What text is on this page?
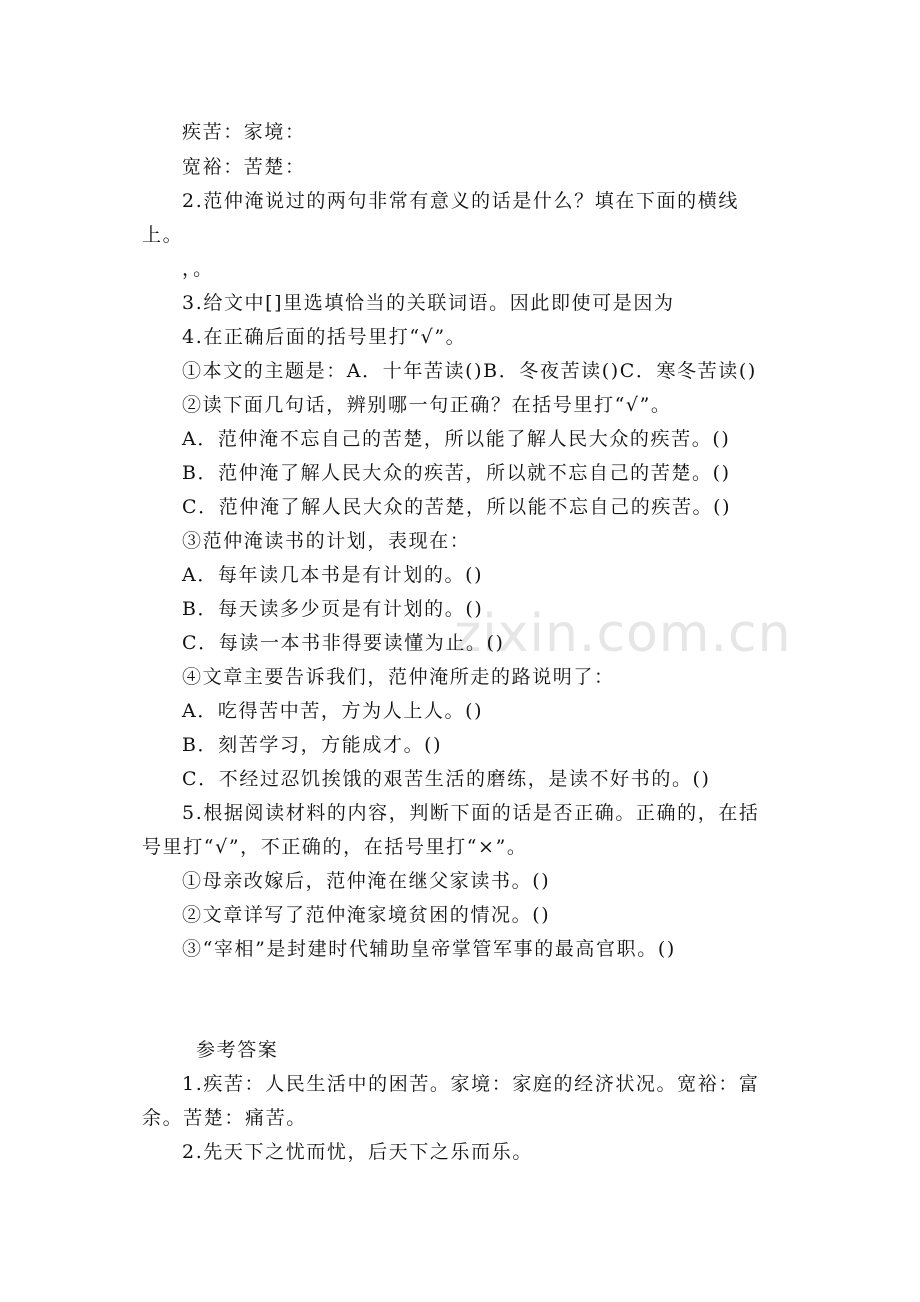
zixin.com.cn
疾苦：家境：
宽裕：苦楚：
2.范仲淹说过的两句非常有意义的话是什么？填在下面的横线
上。
，。
3.给文中[]里选填恰当的关联词语。因此即使可是因为
4.在正确后面的括号里打“√”。
①本文的主题是：A．十年苦读()B．冬夜苦读()C．寒冬苦读()
②读下面几句话，辨别哪一句正确？在括号里打“√”。
A．范仲淹不忘自己的苦楚，所以能了解人民大众的疾苦。()
B．范仲淹了解人民大众的疾苦，所以就不忘自己的苦楚。()
C．范仲淹了解人民大众的苦楚，所以能不忘自己的疾苦。()
③范仲淹读书的计划，表现在：
A．每年读几本书是有计划的。()
B．每天读多少页是有计划的。()
C．每读一本书非得要读懂为止。()
④文章主要告诉我们，范仲淹所走的路说明了：
A．吃得苦中苦，方为人上人。()
B．刻苦学习，方能成才。()
C．不经过忍饥挨饿的艰苦生活的磨练，是读不好书的。()
5.根据阅读材料的内容，判断下面的话是否正确。正确的，在括
号里打“√”，不正确的，在括号里打“×”。
①母亲改嫁后，范仲淹在继父家读书。()
②文章详写了范仲淹家境贫困的情况。()
③“宰相”是封建时代辅助皇帝掌管军事的最高官职。()
参考答案
1.疾苦：人民生活中的困苦。家境：家庭的经济状况。宽裕：富
余。苦楚：痛苦。
2.先天下之忧而忧，后天下之乐而乐。
